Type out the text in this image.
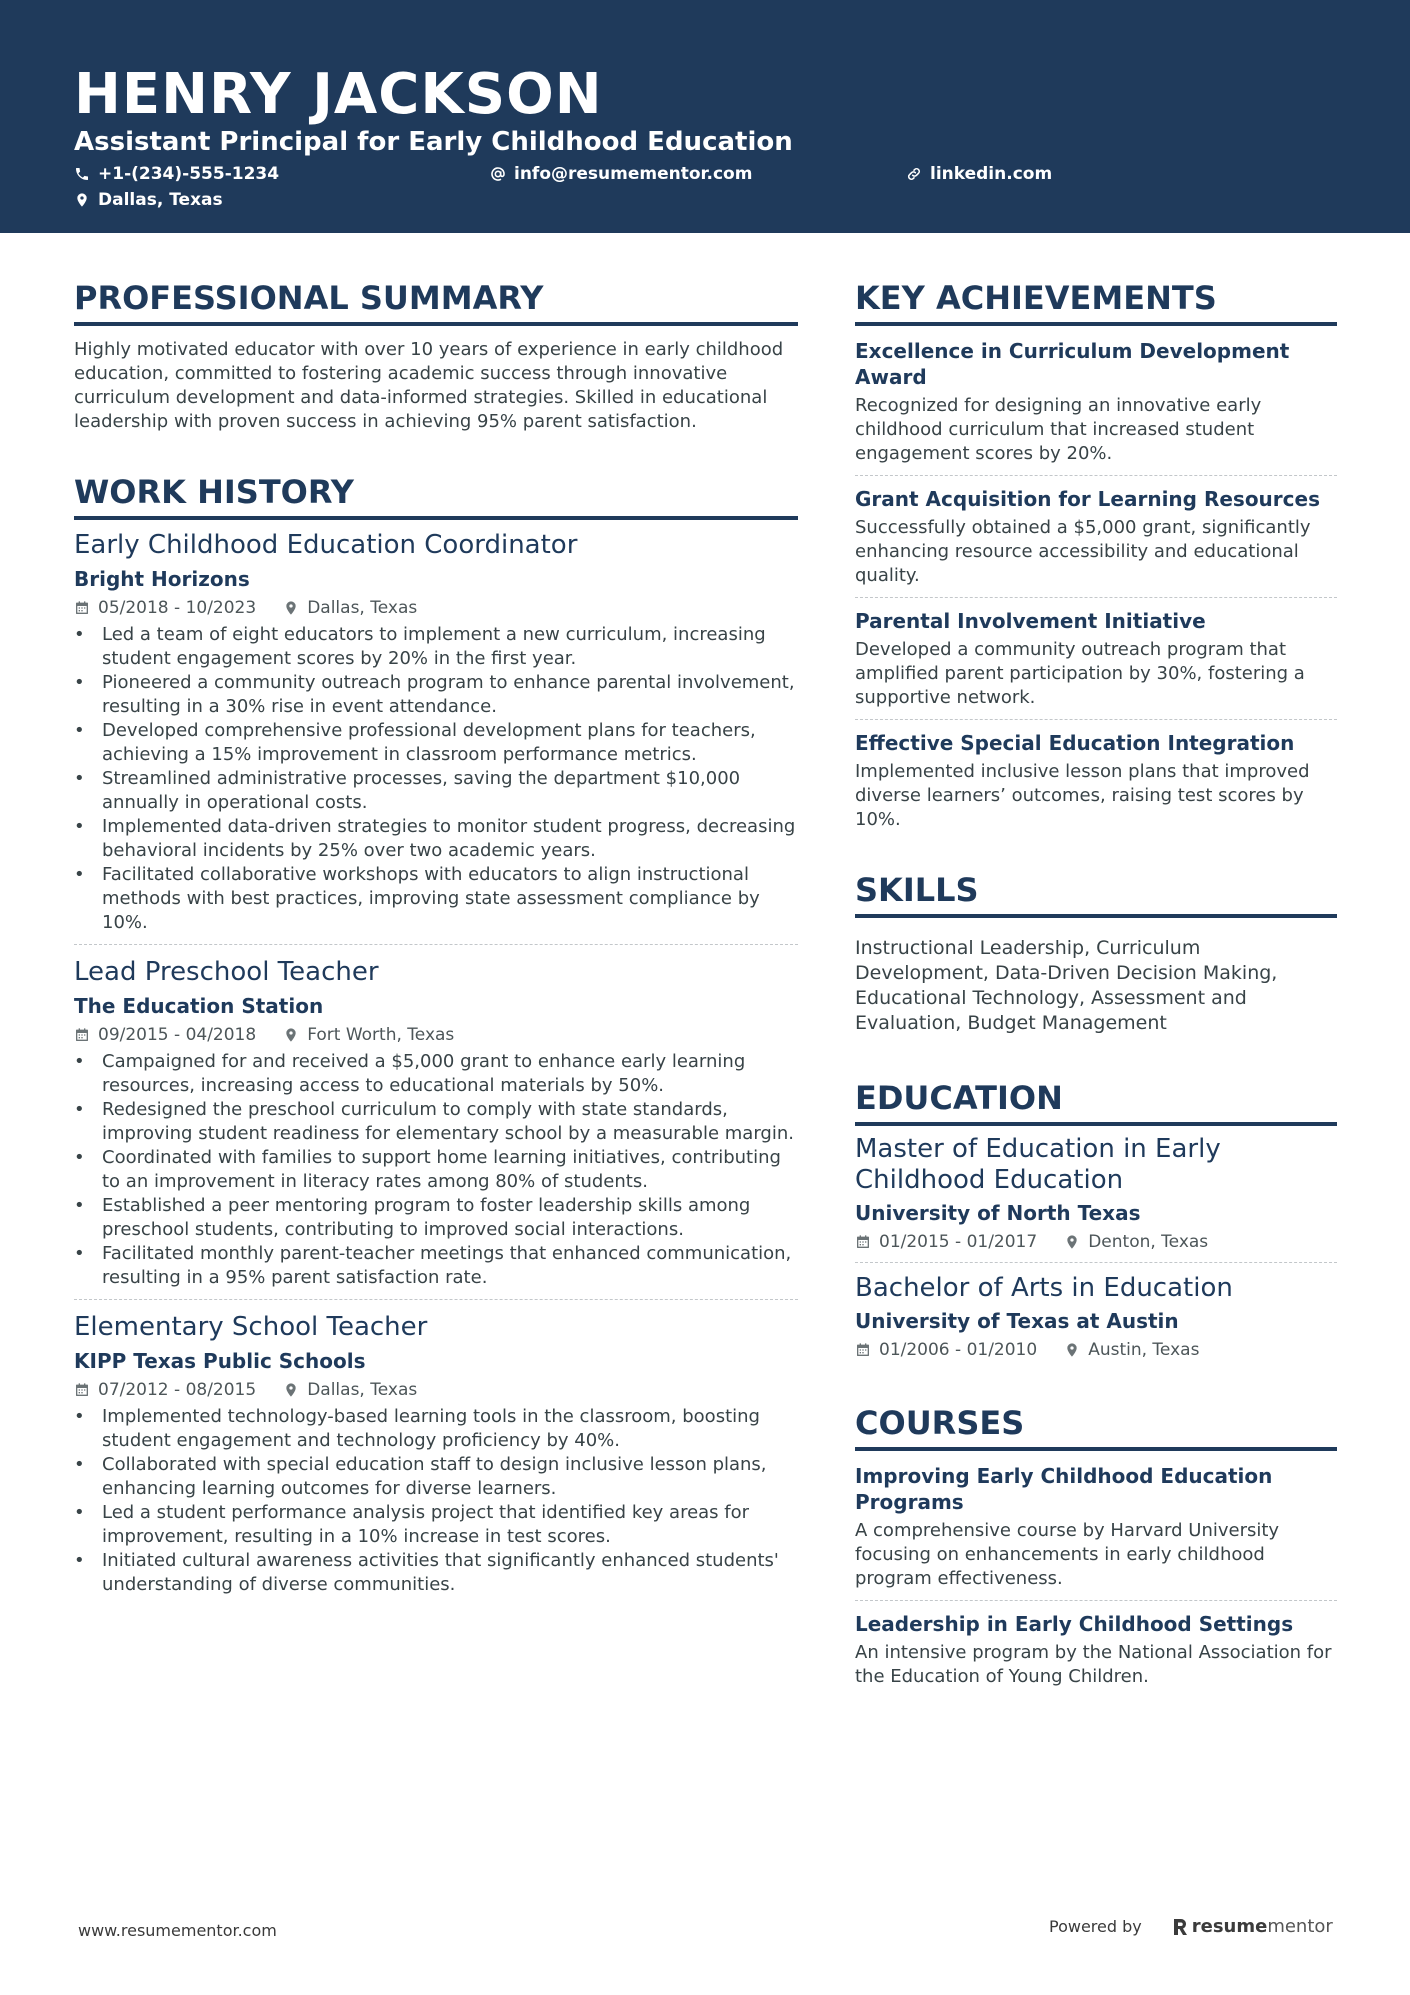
HENRY JACKSON
Assistant Principal for Early Childhood Education
+1-(234)-555-1234	info@resumementor.com	linkedin.com
Dallas, Texas
PROFESSIONAL SUMMARY
Highly motivated educator with over 10 years of experience in early childhood education, committed to fostering academic success through innovative curriculum development and data-informed strategies. Skilled in educational leadership with proven success in achieving 95% parent satisfaction.
WORK HISTORY
Early Childhood Education Coordinator
Bright Horizons
05/2018 - 10/2023	Dallas, Texas
• Led a team of eight educators to implement a new curriculum, increasing student engagement scores by 20% in the first year.
• Pioneered a community outreach program to enhance parental involvement, resulting in a 30% rise in event attendance.
• Developed comprehensive professional development plans for teachers, achieving a 15% improvement in classroom performance metrics.
• Streamlined administrative processes, saving the department $10,000 annually in operational costs.
• Implemented data-driven strategies to monitor student progress, decreasing behavioral incidents by 25% over two academic years.
• Facilitated collaborative workshops with educators to align instructional methods with best practices, improving state assessment compliance by 10%.
Lead Preschool Teacher
The Education Station
09/2015 - 04/2018	Fort Worth, Texas
• Campaigned for and received a $5,000 grant to enhance early learning resources, increasing access to educational materials by 50%.
• Redesigned the preschool curriculum to comply with state standards, improving student readiness for elementary school by a measurable margin.
• Coordinated with families to support home learning initiatives, contributing to an improvement in literacy rates among 80% of students.
• Established a peer mentoring program to foster leadership skills among preschool students, contributing to improved social interactions.
• Facilitated monthly parent-teacher meetings that enhanced communication, resulting in a 95% parent satisfaction rate.
Elementary School Teacher
KIPP Texas Public Schools
07/2012 - 08/2015	Dallas, Texas
• Implemented technology-based learning tools in the classroom, boosting student engagement and technology proficiency by 40%.
• Collaborated with special education staff to design inclusive lesson plans, enhancing learning outcomes for diverse learners.
• Led a student performance analysis project that identified key areas for improvement, resulting in a 10% increase in test scores.
• Initiated cultural awareness activities that significantly enhanced students' understanding of diverse communities.
KEY ACHIEVEMENTS
Excellence in Curriculum Development Award
Recognized for designing an innovative early childhood curriculum that increased student engagement scores by 20%.
Grant Acquisition for Learning Resources
Successfully obtained a $5,000 grant, significantly enhancing resource accessibility and educational quality.
Parental Involvement Initiative
Developed a community outreach program that amplified parent participation by 30%, fostering a supportive network.
Effective Special Education Integration
Implemented inclusive lesson plans that improved diverse learners’ outcomes, raising test scores by 10%.
SKILLS
Instructional Leadership, Curriculum Development, Data-Driven Decision Making, Educational Technology, Assessment and Evaluation, Budget Management
EDUCATION
Master of Education in Early Childhood Education
University of North Texas
01/2015 - 01/2017	Denton, Texas
Bachelor of Arts in Education
University of Texas at Austin
01/2006 - 01/2010	Austin, Texas
COURSES
Improving Early Childhood Education Programs
A comprehensive course by Harvard University focusing on enhancements in early childhood program effectiveness.
Leadership in Early Childhood Settings
An intensive program by the National Association for the Education of Young Children.
www.resumementor.com	Powered by	resume mentor
